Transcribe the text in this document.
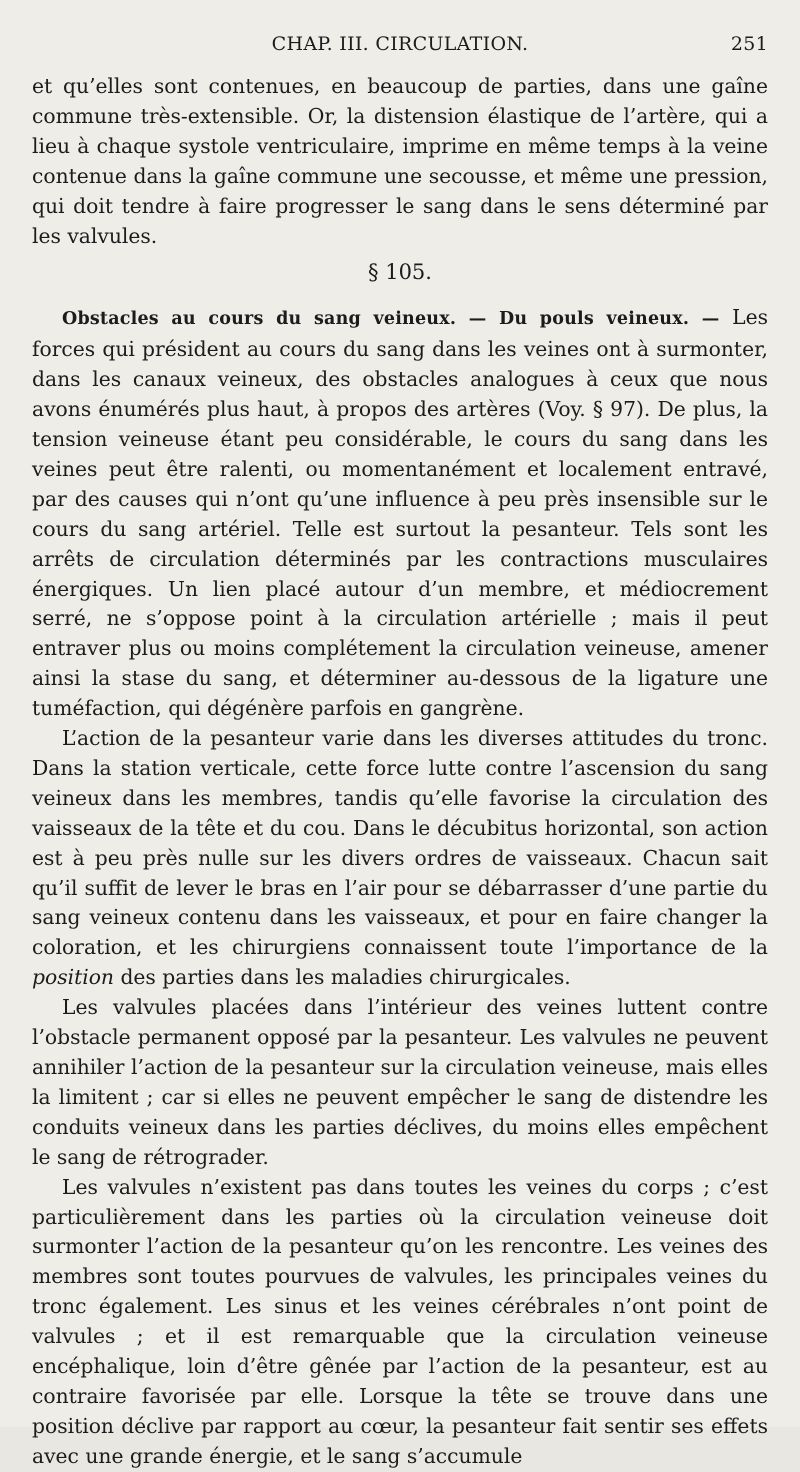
CHAP. III. CIRCULATION.	251

et qu’elles sont contenues, en beaucoup de parties, dans une gaîne commune très-extensible. Or, la distension élastique de l’artère, qui a lieu à chaque systole ventriculaire, imprime en même temps à la veine contenue dans la gaîne commune une secousse, et même une pression, qui doit tendre à faire progresser le sang dans le sens déterminé par les valvules.

§ 105.

Obstacles au cours du sang veineux. — Du pouls veineux. — Les forces qui président au cours du sang dans les veines ont à surmonter, dans les canaux veineux, des obstacles analogues à ceux que nous avons énumérés plus haut, à propos des artères (Voy. § 97). De plus, la tension veineuse étant peu considérable, le cours du sang dans les veines peut être ralenti, ou momentanément et localement entravé, par des causes qui n’ont qu’une influence à peu près insensible sur le cours du sang artériel. Telle est surtout la pesanteur. Tels sont les arrêts de circulation déterminés par les contractions musculaires énergiques. Un lien placé autour d’un membre, et médiocrement serré, ne s’oppose point à la circulation artérielle ; mais il peut entraver plus ou moins complétement la circulation veineuse, amener ainsi la stase du sang, et déterminer au-dessous de la ligature une tuméfaction, qui dégénère parfois en gangrène.

L’action de la pesanteur varie dans les diverses attitudes du tronc. Dans la station verticale, cette force lutte contre l’ascension du sang veineux dans les membres, tandis qu’elle favorise la circulation des vaisseaux de la tête et du cou. Dans le décubitus horizontal, son action est à peu près nulle sur les divers ordres de vaisseaux. Chacun sait qu’il suffit de lever le bras en l’air pour se débarrasser d’une partie du sang veineux contenu dans les vaisseaux, et pour en faire changer la coloration, et les chirurgiens connaissent toute l’importance de la position des parties dans les maladies chirurgicales.

Les valvules placées dans l’intérieur des veines luttent contre l’obstacle permanent opposé par la pesanteur. Les valvules ne peuvent annihiler l’action de la pesanteur sur la circulation veineuse, mais elles la limitent ; car si elles ne peuvent empêcher le sang de distendre les conduits veineux dans les parties déclives, du moins elles empêchent le sang de rétrograder.

Les valvules n’existent pas dans toutes les veines du corps ; c’est particulièrement dans les parties où la circulation veineuse doit surmonter l’action de la pesanteur qu’on les rencontre. Les veines des membres sont toutes pourvues de valvules, les principales veines du tronc également. Les sinus et les veines cérébrales n’ont point de valvules ; et il est remarquable que la circulation veineuse encéphalique, loin d’être gênée par l’action de la pesanteur, est au contraire favorisée par elle. Lorsque la tête se trouve dans une position déclive par rapport au cœur, la pesanteur fait sentir ses effets avec une grande énergie, et le sang s’accumule
